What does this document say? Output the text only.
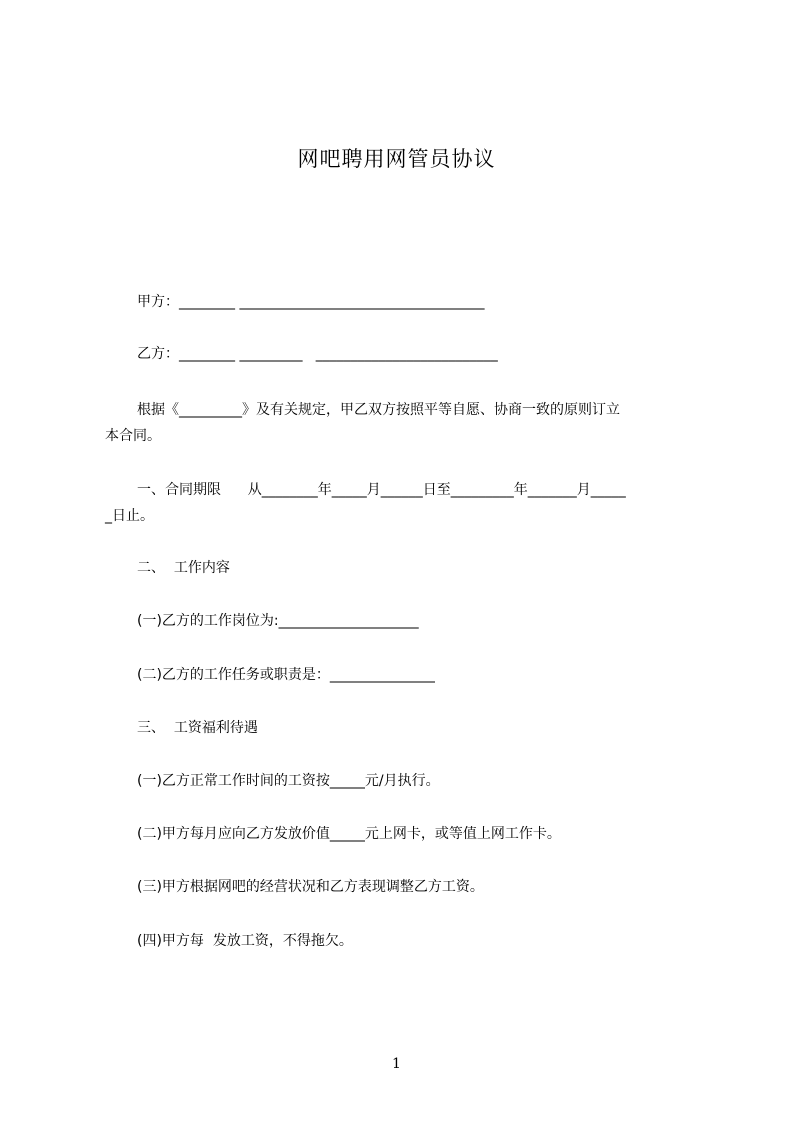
网吧聘用网管员协议
甲方：________ ___________________________________
乙方：________ _________   __________________________
根据《_________》及有关规定，甲乙双方按照平等自愿、协商一致的原则订立
本合同。
一、合同期限      从________年_____月______日至_________年_______月_____
_日止。
二、  工作内容
(一)乙方的工作岗位为:____________________
(二)乙方的工作任务或职责是：_______________
三、  工资福利待遇
(一)乙方正常工作时间的工资按_____元/月执行。
(二)甲方每月应向乙方发放价值_____元上网卡，或等值上网工作卡。
(三)甲方根据网吧的经营状况和乙方表现调整乙方工资。
(四)甲方每  发放工资，不得拖欠。
1
